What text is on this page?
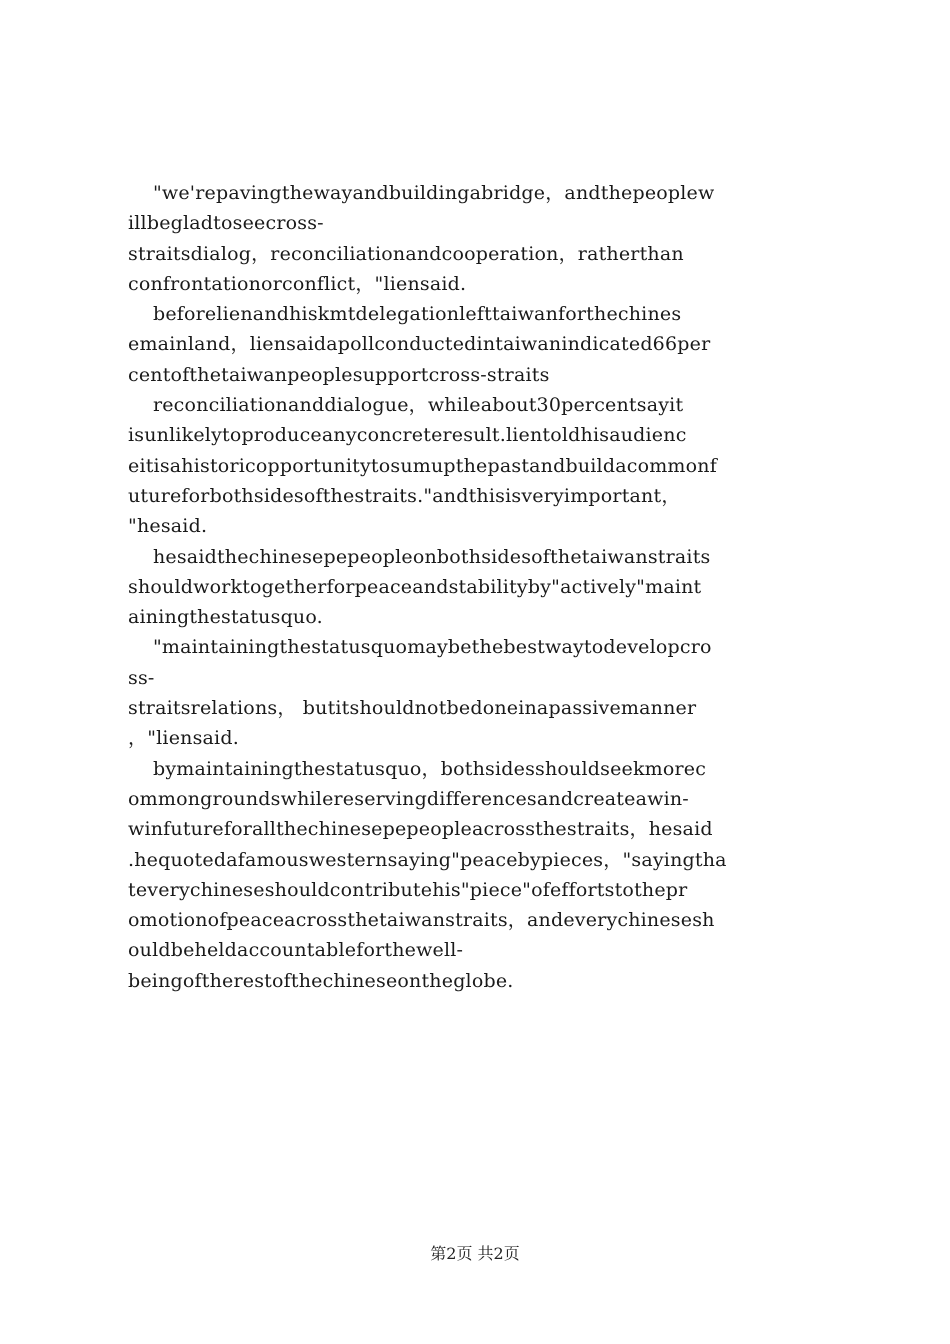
"we'repavingthewayandbuildingabridge，andthepeoplew
illbegladtoseecross-
straitsdialog，reconciliationandcooperation，ratherthan
confrontationorconflict，"liensaid.
beforelienandhiskmtdelegationlefttaiwanforthechines
emainland，liensaidapollconductedintaiwanindicated66per
centofthetaiwanpeoplesupportcross-straits
reconciliationanddialogue，whileabout30percentsayit
isunlikelytoproduceanyconcreteresult.lientoldhisaudienc
eitisahistoricopportunitytosumupthepastandbuildacommonf
utureforbothsidesofthestraits."andthisisveryimportant，
"hesaid.
hesaidthechinesepepeopleonbothsidesofthetaiwanstraits
shouldworktogetherforpeaceandstabilityby"actively"maint
ainingthestatusquo.
"maintainingthestatusquomaybethebestwaytodevelopcro
ss-
straitsrelations， butitshouldnotbedoneinapassivemanner
，"liensaid.
bymaintainingthestatusquo，bothsidesshouldseekmorec
ommongroundswhilereservingdifferencesandcreateawin-
winfutureforallthechinesepepeopleacrossthestraits，hesaid
.hequotedafamouswesternsaying"peacebypieces，"sayingtha
teverychineseshouldcontributehis"piece"ofeffortstothepr
omotionofpeaceacrossthetaiwanstraits，andeverychinesesh
ouldbeheldaccountableforthewell-
beingoftherestofthechineseontheglobe.
第2页 共2页
